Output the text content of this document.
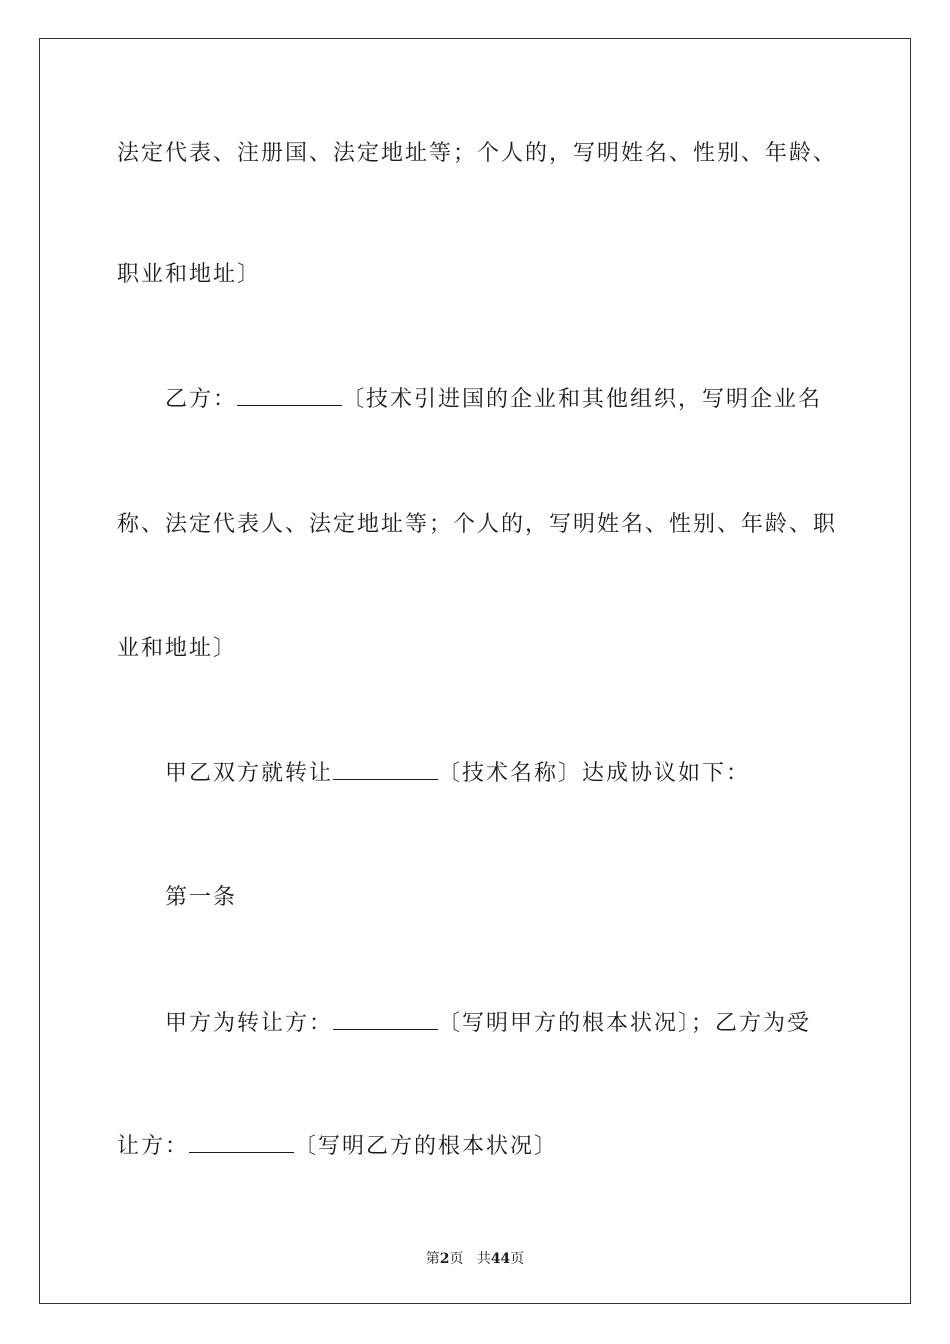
法定代表、注册国、法定地址等；个人的，写明姓名、性别、年龄、
职业和地址〕
乙方：	〔技术引进国的企业和其他组织，写明企业名
称、法定代表人、法定地址等；个人的，写明姓名、性别、年龄、职
业和地址〕
甲乙双方就转让	〔技术名称〕达成协议如下：
第一条
甲方为转让方：	〔写明甲方的根本状况〕；乙方为受
让方：	〔写明乙方的根本状况〕
第2页 共44页
